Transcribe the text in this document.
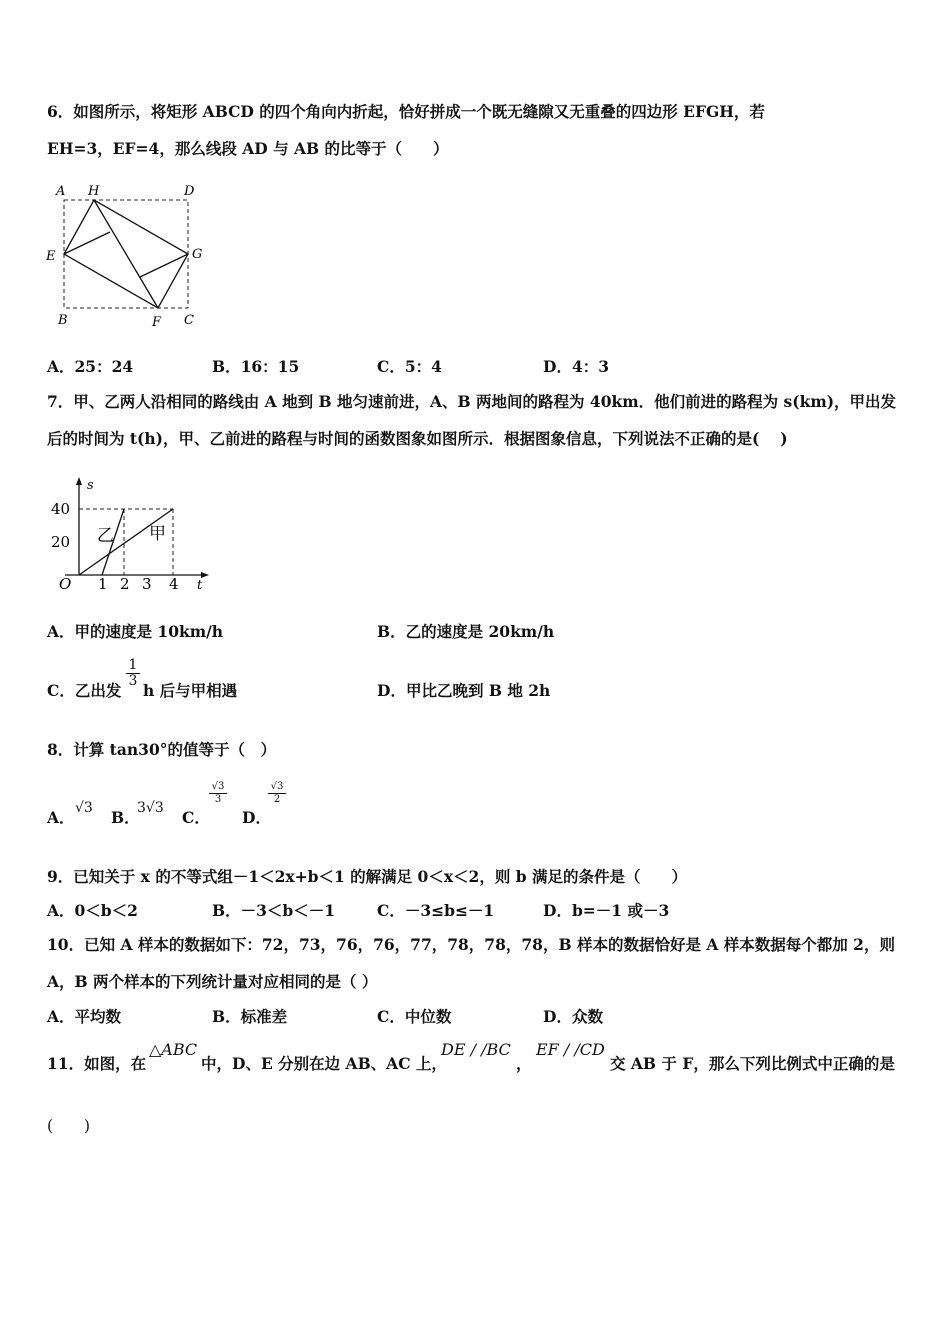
6．如图所示，将矩形 ABCD 的四个角向内折起，恰好拼成一个既无缝隙又无重叠的四边形 EFGH，若
EH=3，EF=4，那么线段 AD 与 AB 的比等于（　　）
A H	D
E	G
B	F C
A．25：24	B．16：15	C．5：4	D．4：3
7．甲、乙两人沿相同的路线由 A 地到 B 地匀速前进，A、B 两地间的路程为 40km．他们前进的路程为 s(km)，甲出发
后的时间为 t(h)，甲、乙前进的路程与时间的函数图象如图所示．根据图象信息，下列说法不正确的是(　 )
s
t
O
40
20
1 2 3 4
乙 甲
A．甲的速度是 10km/h	B．乙的速度是 20km/h
C．乙出发
$\frac{1}{3}$
h 后与甲相遇	D．甲比乙晚到 B 地 2h
8．计算 tan30°的值等于（　）
A． √3 B．
3√3 C．
$\frac{√3}{3}$
D．
$\frac{√3}{2}$
9．已知关于 x 的不等式组－1＜2x+b＜1 的解满足 0＜x＜2，则 b 满足的条件是（　　）
A．0＜b＜2	B．－3＜b＜－1	C．－3≤b≤－1	D．b=－1 或－3
10．已知 A 样本的数据如下：72，73，76，76，77，78，78，78，B 样本的数据恰好是 A 样本数据每个都加 2，则
A，B 两个样本的下列统计量对应相同的是（ ）
A．平均数	B．标准差	C．中位数	D．众数
11．如图，在
△ABC
中，D、E 分别在边 AB、AC 上，
DE / /BC
，
EF / /CD
交 AB 于 F，那么下列比例式中正确的是
(　　)
